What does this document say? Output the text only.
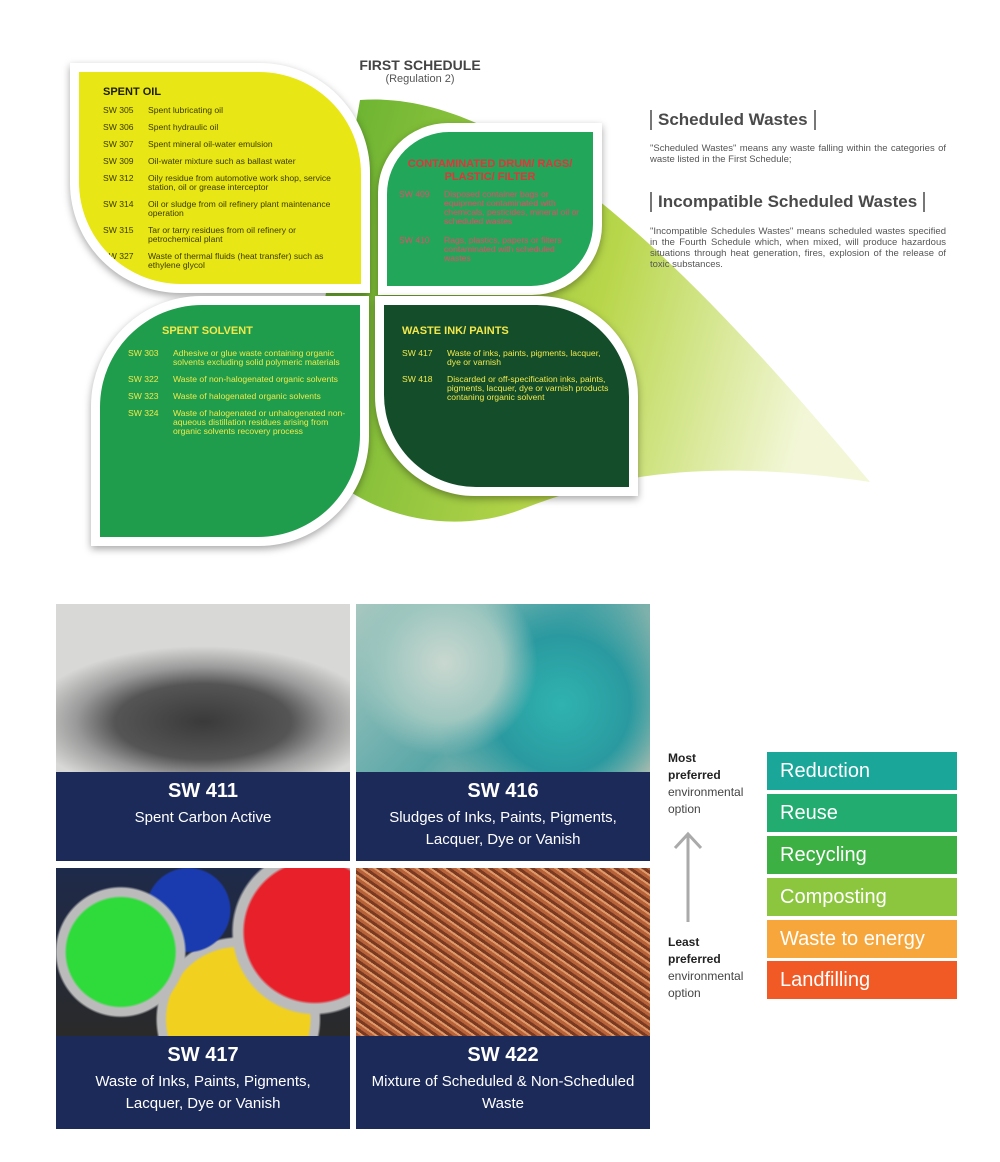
FIRST SCHEDULE
(Regulation 2)
SPENT OIL
SW 305	Spent lubricating oil
SW 306	Spent hydraulic oil
SW 307	Spent mineral oil-water emulsion
SW 309	Oil-water mixture such as ballast water
SW 312	Oily residue from automotive work shop, service station, oil or grease interceptor
SW 314	Oil or sludge from oil refinery plant maintenance operation
SW 315	Tar or tarry residues from oil refinery or petrochemical plant
SW 327	Waste of thermal fluids (heat transfer) such as ethylene glycol
CONTAMINATED DRUM/ RAGS/ PLASTIC/ FILTER
SW 409	Disposed container bags or equipment contaminated with chemicals, pesticides, mineral oil or scheduled wastes
SW 410	Rags, plastics, papers or filters contaminated with scheduled wastes
SPENT SOLVENT
SW 303	Adhesive or glue waste containing organic solvents excluding solid polymeric materials
SW 322	Waste of non-halogenated organic solvents
SW 323	Waste of halogenated organic solvents
SW 324	Waste of halogenated or unhalogenated non-aqueous distillation residues arising from organic solvents recovery process
WASTE INK/ PAINTS
SW 417	Waste of inks, paints, pigments, lacquer, dye or varnish
SW 418	Discarded or off-specification inks, paints, pigments, lacquer, dye or varnish products contaning organic solvent
Scheduled Wastes
"Scheduled Wastes" means any waste falling within the categories of waste listed in the First Schedule;
Incompatible Scheduled Wastes
"Incompatible Schedules Wastes" means scheduled wastes specified in the Fourth Schedule which, when mixed, will produce hazardous situations through heat generation, fires, explosion of the release of toxic substances.
SW 411
Spent Carbon Active
SW 416
Sludges of Inks, Paints, Pigments, Lacquer, Dye or Vanish
SW 417
Waste of Inks, Paints, Pigments, Lacquer, Dye or Vanish
SW 422
Mixture of Scheduled & Non-Scheduled Waste
Most
preferred
environmental
option
Least
preferred
environmental
option
Reduction
Reuse
Recycling
Composting
Waste to energy
Landfilling
